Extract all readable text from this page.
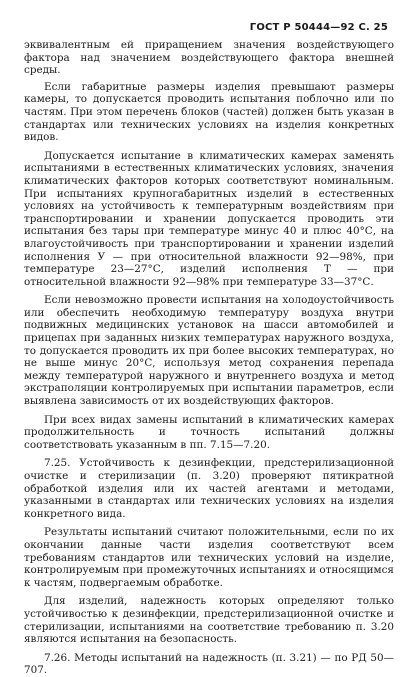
ГОСТ Р 50444—92 С. 25

эквивалентным ей приращением значения воздействующего фактора над значением воздействующего фактора внешней среды.

Если габаритные размеры изделия превышают размеры камеры, то допускается проводить испытания поблочно или по частям. При этом перечень блоков (частей) должен быть указан в стандартах или технических условиях на изделия конкретных видов.

Допускается испытание в климатических камерах заменять испытаниями в естественных климатических условиях, значения климатических факторов которых соответствуют номинальным. При испытаниях крупногабаритных изделий в естественных условиях на устойчивость к температурным воздействиям при транспортировании и хранении допускается проводить эти испытания без тары при температуре минус 40 и плюс 40°С, на влагоустойчивость при транспортировании и хранении изделий исполнения У — при относительной влажности 92—98%, при температуре 23—27°С, изделий исполнения Т — при относительной влажности 92—98% при температуре 33—37°С.

Если невозможно провести испытания на холодоустойчивость или обеспечить необходимую температуру воздуха внутри подвижных медицинских установок на шасси автомобилей и прицепах при заданных низких температурах наружного воздуха, то допускается проводить их при более высоких температурах, но не выше минус 20°С, используя метод сохранения перепада между температурой наружного и внутреннего воздуха и метод экстраполяции контролируемых при испытании параметров, если выявлена зависимость от их воздействующих факторов.

При всех видах замены испытаний в климатических камерах продолжительность и точность испытаний должны соответствовать указанным в пп. 7.15—7.20.

7.25. Устойчивость к дезинфекции, предстерилизационной очистке и стерилизации (п. 3.20) проверяют пятикратной обработкой изделия или их частей агентами и методами, указанными в стандартах или технических условиях на изделия конкретного вида.

Результаты испытаний считают положительными, если по их окончании данные части изделия соответствуют всем требованиям стандартов или технических условий на изделие, контролируемым при промежуточных испытаниях и относящимся к частям, подвергаемым обработке.

Для изделий, надежность которых определяют только устойчивостью к дезинфекции, предстерилизационной очистке и стерилизации, испытаниями на соответствие требованию п. 3.20 являются испытания на безопасность.

7.26. Методы испытаний на надежность (п. 3.21) — по РД 50—707.
